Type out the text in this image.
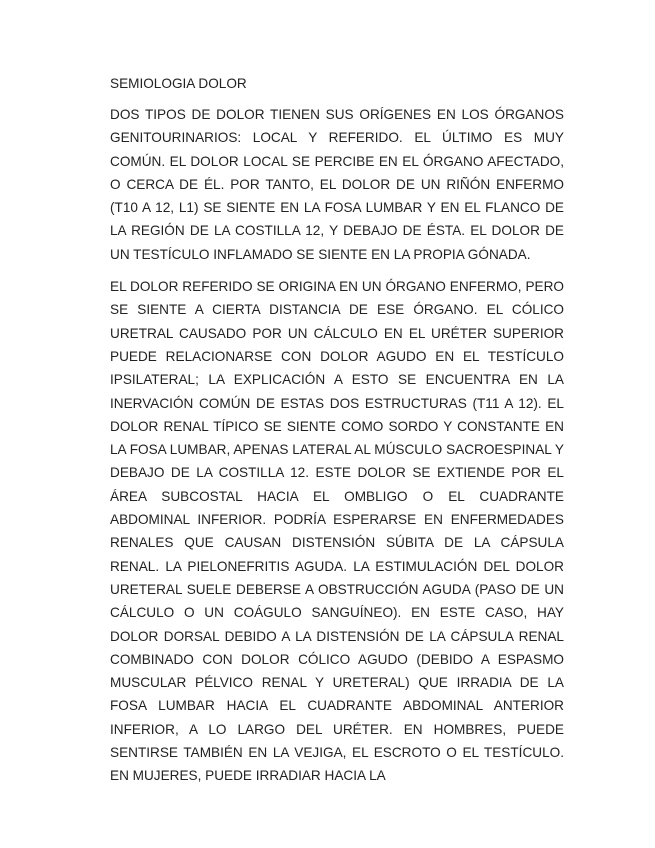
SEMIOLOGIA DOLOR

DOS TIPOS DE DOLOR TIENEN SUS ORÍGENES EN LOS ÓRGANOS GENITOURINARIOS: LOCAL Y REFERIDO. EL ÚLTIMO ES MUY COMÚN. EL DOLOR LOCAL SE PERCIBE EN EL ÓRGANO AFECTADO, O CERCA DE ÉL. POR TANTO, EL DOLOR DE UN RIÑÓN ENFERMO (T10 A 12, L1) SE SIENTE EN LA FOSA LUMBAR Y EN EL FLANCO DE LA REGIÓN DE LA COSTILLA 12, Y DEBAJO DE ÉSTA. EL DOLOR DE UN TESTÍCULO INFLAMADO SE SIENTE EN LA PROPIA GÓNADA.

EL DOLOR REFERIDO SE ORIGINA EN UN ÓRGANO ENFERMO, PERO SE SIENTE A CIERTA DISTANCIA DE ESE ÓRGANO. EL CÓLICO URETRAL CAUSADO POR UN CÁLCULO EN EL URÉTER SUPERIOR PUEDE RELACIONARSE CON DOLOR AGUDO EN EL TESTÍCULO IPSILATERAL; LA EXPLICACIÓN A ESTO SE ENCUENTRA EN LA INERVACIÓN COMÚN DE ESTAS DOS ESTRUCTURAS (T11 A 12). EL DOLOR RENAL TÍPICO SE SIENTE COMO SORDO Y CONSTANTE EN LA FOSA LUMBAR, APENAS LATERAL AL MÚSCULO SACROESPINAL Y DEBAJO DE LA COSTILLA 12. ESTE DOLOR SE EXTIENDE POR EL ÁREA SUBCOSTAL HACIA EL OMBLIGO O EL CUADRANTE ABDOMINAL INFERIOR. PODRÍA ESPERARSE EN ENFERMEDADES RENALES QUE CAUSAN DISTENSIÓN SÚBITA DE LA CÁPSULA RENAL. LA PIELONEFRITIS AGUDA. LA ESTIMULACIÓN DEL DOLOR URETERAL SUELE DEBERSE A OBSTRUCCIÓN AGUDA (PASO DE UN CÁLCULO O UN COÁGULO SANGUÍNEO). EN ESTE CASO, HAY DOLOR DORSAL DEBIDO A LA DISTENSIÓN DE LA CÁPSULA RENAL COMBINADO CON DOLOR CÓLICO AGUDO (DEBIDO A ESPASMO MUSCULAR PÉLVICO RENAL Y URETERAL) QUE IRRADIA DE LA FOSA LUMBAR HACIA EL CUADRANTE ABDOMINAL ANTERIOR INFERIOR, A LO LARGO DEL URÉTER. EN HOMBRES, PUEDE SENTIRSE TAMBIÉN EN LA VEJIGA, EL ESCROTO O EL TESTÍCULO. EN MUJERES, PUEDE IRRADIAR HACIA LA
